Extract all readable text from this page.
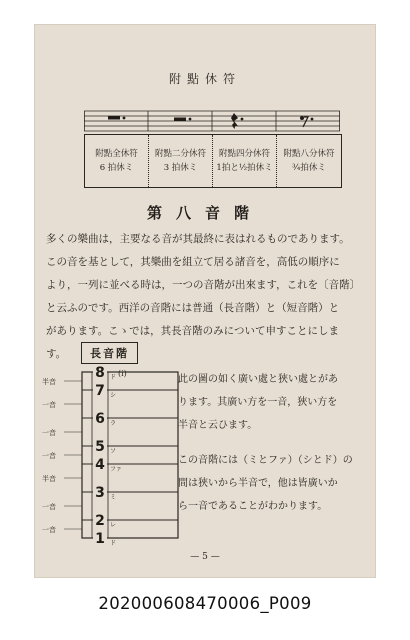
附點休符
附點全休符
6 拍休ミ
附點二分休符
3 拍休ミ
附點四分休符
1拍と½拍休ミ
附點八分休符
¾拍休ミ
第八音階

多くの樂曲は，主要なる音が其最終に表はれるものであります。

この音を基として，其樂曲を組立て居る諸音を，高低の順序に

より，一列に並べる時は，一つの音階が出來ます，これを〔音階〕

と云ふのです。西洋の音階には普通（長音階）と（短音階）と

があります。こゝでは，其長音階のみについて申すことにしま

す。	長音階
8 ド (i)
7 シ
6 ラ
5 ソ
4 ファ
3 ミ
2 レ
1 ド
半音
一音
一音
一音
半音
一音
一音

此の圖の如く廣い處と狹い處とがあ

ります。其廣い方を一音，狹い方を

半音と云ひます。

この音階には（ミとファ）（シとド）の

間は狹いから半音で，他は皆廣いか

ら一音であることがわかります。

— 5 —
202000608470006_P009
